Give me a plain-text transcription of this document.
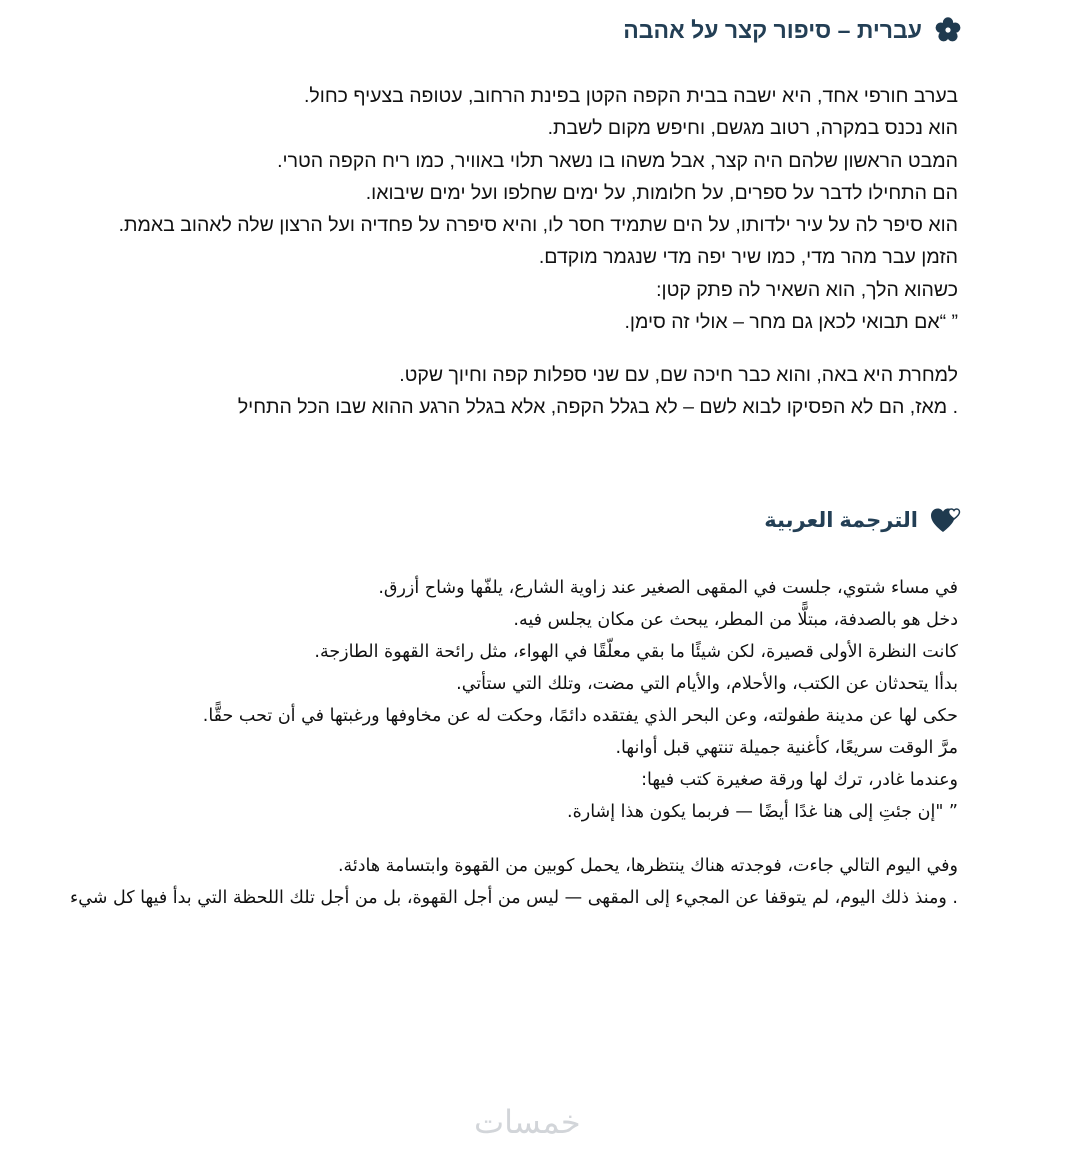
עברית – סיפור קצר על אהבה

בערב חורפי אחד, היא ישבה בבית הקפה הקטן בפינת הרחוב, עטופה בצעיף כחול.

הוא נכנס במקרה, רטוב מגשם, וחיפש מקום לשבת.

המבט הראשון שלהם היה קצר, אבל משהו בו נשאר תלוי באוויר, כמו ריח הקפה הטרי.

הם התחילו לדבר על ספרים, על חלומות, על ימים שחלפו ועל ימים שיבואו.

הוא סיפר לה על עיר ילדותו, על הים שתמיד חסר לו, והיא סיפרה על פחדיה ועל הרצון שלה לאהוב באמת.

הזמן עבר מהר מדי, כמו שיר יפה מדי שנגמר מוקדם.

כשהוא הלך, הוא השאיר לה פתק קטן:

” “אם תבואי לכאן גם מחר – אולי זה סימן.

למחרת היא באה, והוא כבר חיכה שם, עם שני ספלות קפה וחיוך שקט.

. מאז, הם לא הפסיקו לבוא לשם – לא בגלל הקפה, אלא בגלל הרגע ההוא שבו הכל התחיל

الترجمة العربية

في مساء شتوي، جلست في المقهى الصغير عند زاوية الشارع، يلفّها وشاح أزرق.

دخل هو بالصدفة، مبتلًّا من المطر، يبحث عن مكان يجلس فيه.

كانت النظرة الأولى قصيرة، لكن شيئًا ما بقي معلّقًا في الهواء، مثل رائحة القهوة الطازجة.

بدأا يتحدثان عن الكتب، والأحلام، والأيام التي مضت، وتلك التي ستأتي.

حكى لها عن مدينة طفولته، وعن البحر الذي يفتقده دائمًا، وحكت له عن مخاوفها ورغبتها في أن تحب حقًّا.

مرَّ الوقت سريعًا، كأغنية جميلة تنتهي قبل أوانها.

وعندما غادر، ترك لها ورقة صغيرة كتب فيها:

” "إن جئتِ إلى هنا غدًا أيضًا — فربما يكون هذا إشارة.

وفي اليوم التالي جاءت، فوجدته هناك ينتظرها، يحمل كوبين من القهوة وابتسامة هادئة.

. ومنذ ذلك اليوم، لم يتوقفا عن المجيء إلى المقهى — ليس من أجل القهوة، بل من أجل تلك اللحظة التي بدأ فيها كل شيء

خمسات
